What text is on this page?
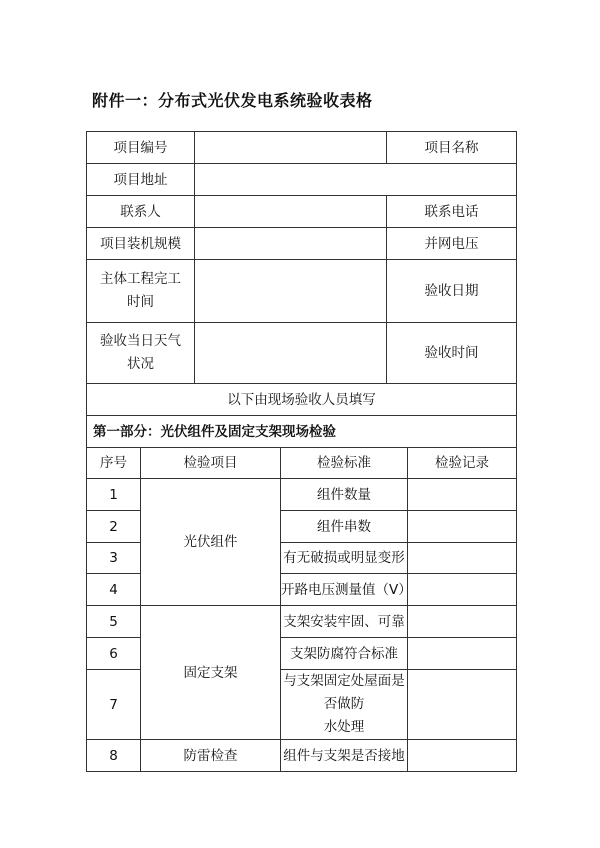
附件一：分布式光伏发电系统验收表格
项目编号				项目名称		
项目地址						
联系人				联系电话		
项目装机规模				并网电压		

主体工程完工
时间				验收日期		

验收当日天气
状况				验收时间		
以下由现场验收人员填写						
第一部分：光伏组件及固定支架现场检验						
序号	检验项目		检验标准		检验记录	
1	光伏组件		组件数量			
2			组件串数			
3			有无破损或明显变形			
4			开路电压测量值（V）			
5	固定支架		支架安装牢固、可靠			
6			支架防腐符合标准			
7			与支架固定处屋面是否做防
水处理			

8	防雷检查		组件与支架是否接地			
